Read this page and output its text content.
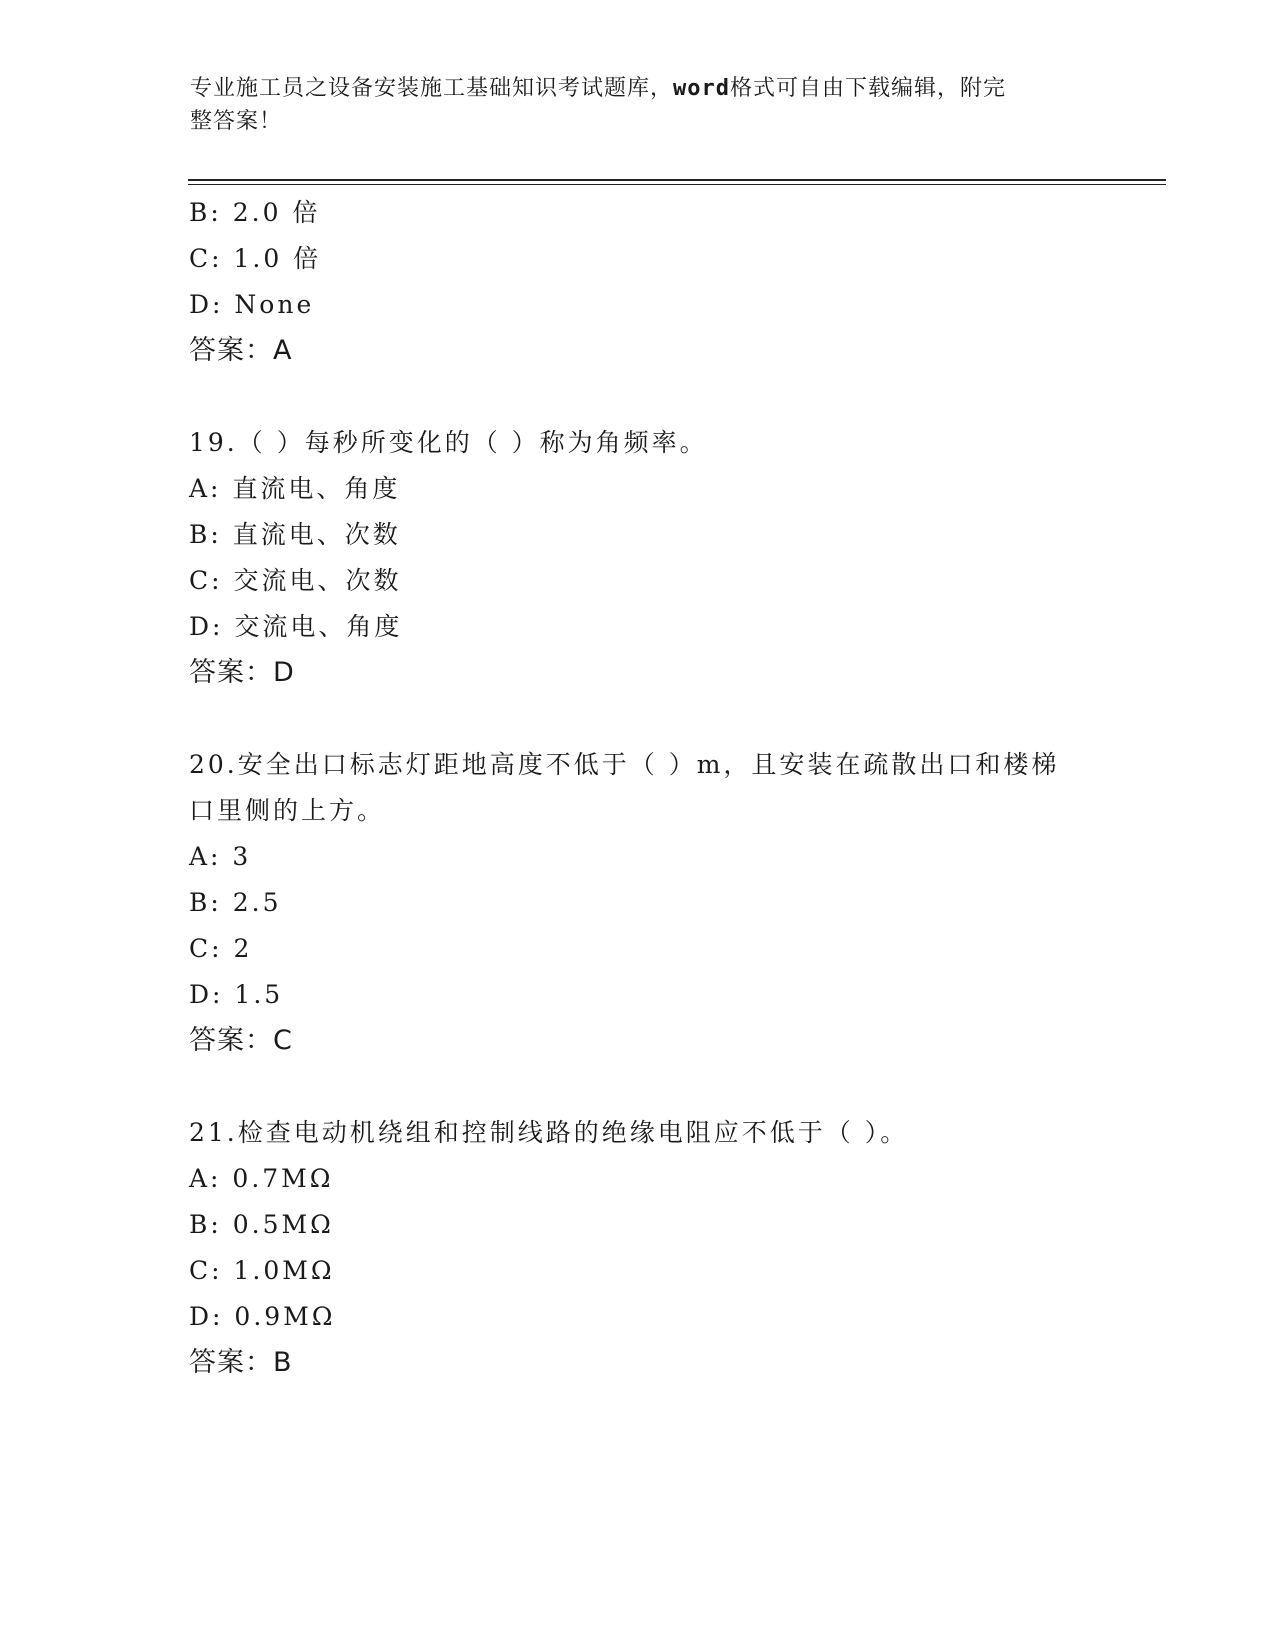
专业施工员之设备安装施工基础知识考试题库，word格式可自由下载编辑，附完
整答案！
B: 2.0 倍
C: 1.0 倍
D: None
答案：A
19.（ ）每秒所变化的（ ）称为角频率。
A: 直流电、角度
B: 直流电、次数
C: 交流电、次数
D: 交流电、角度
答案：D
20.安全出口标志灯距地高度不低于（ ）m，且安装在疏散出口和楼梯
口里侧的上方。
A: 3
B: 2.5
C: 2
D: 1.5
答案：C
21.检查电动机绕组和控制线路的绝缘电阻应不低于（ ）。
A: 0.7MΩ
B: 0.5MΩ
C: 1.0MΩ
D: 0.9MΩ
答案：B
